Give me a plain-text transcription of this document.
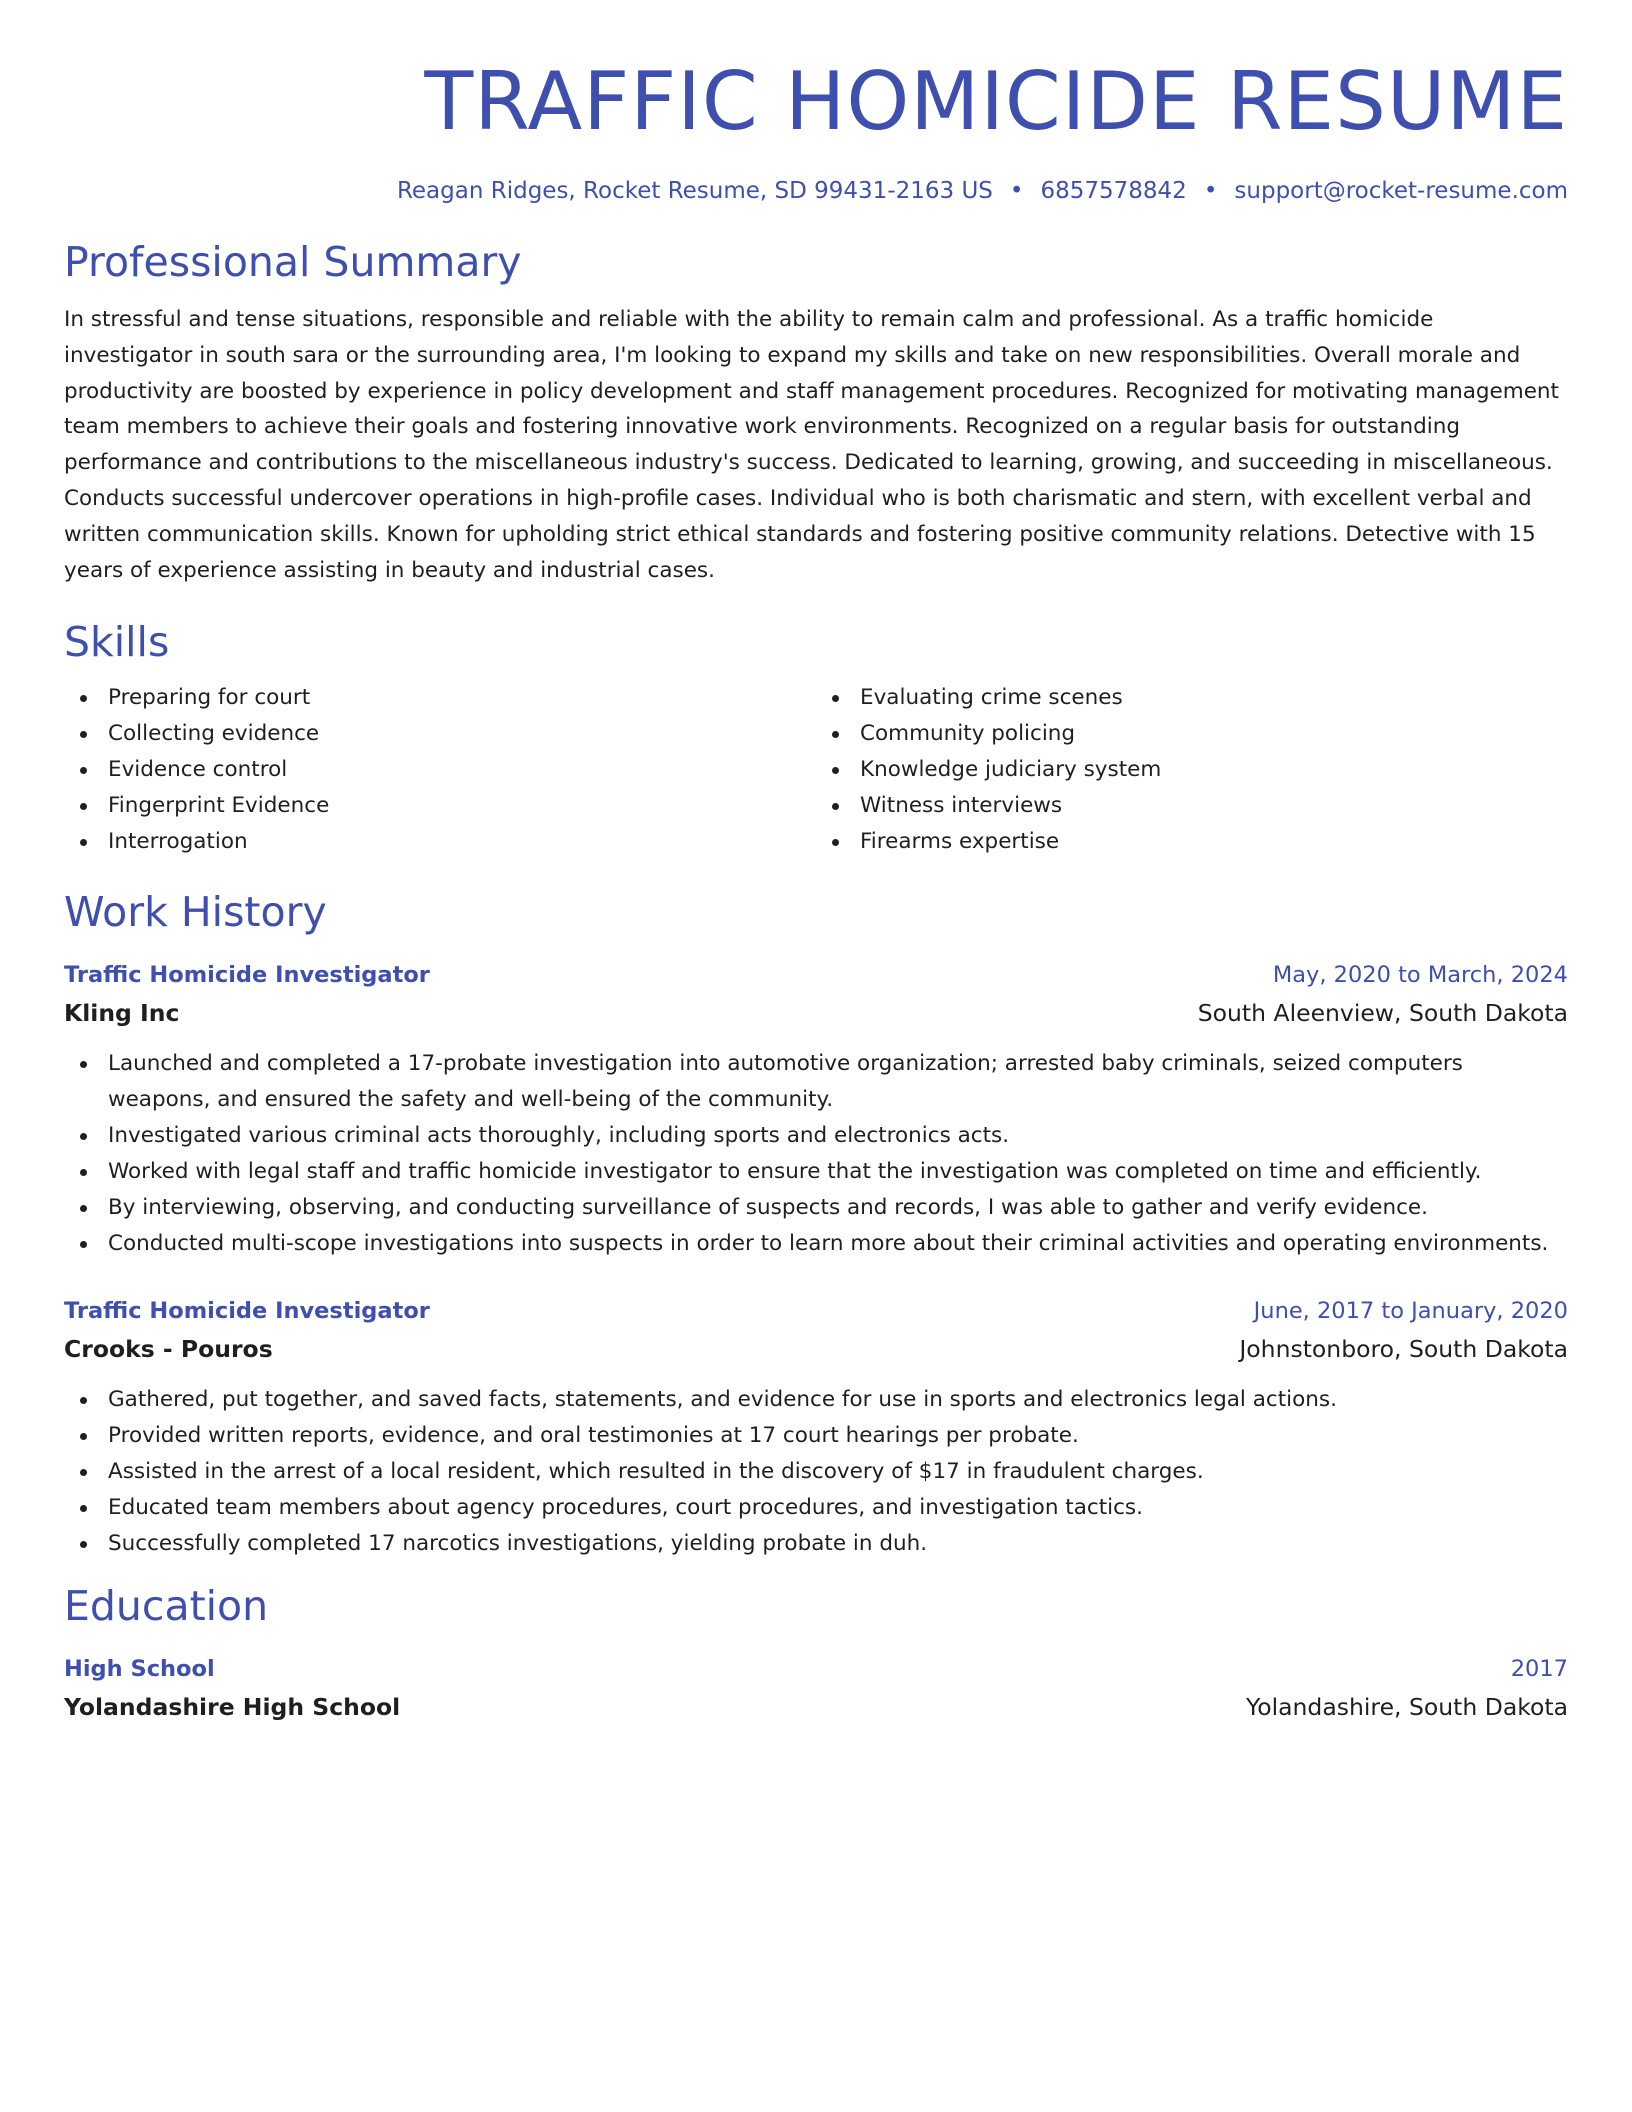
TRAFFIC HOMICIDE RESUME
Reagan Ridges, Rocket Resume, SD 99431-2163 US • 6857578842 • support@rocket-resume.com
Professional Summary

In stressful and tense situations, responsible and reliable with the ability to remain calm and professional. As a traffic homicide investigator in south sara or the surrounding area, I'm looking to expand my skills and take on new responsibilities. Overall morale and productivity are boosted by experience in policy development and staff management procedures. Recognized for motivating management team members to achieve their goals and fostering innovative work environments. Recognized on a regular basis for outstanding performance and contributions to the miscellaneous industry's success. Dedicated to learning, growing, and succeeding in miscellaneous. Conducts successful undercover operations in high-profile cases. Individual who is both charismatic and stern, with excellent verbal and written communication skills. Known for upholding strict ethical standards and fostering positive community relations. Detective with 15 years of experience assisting in beauty and industrial cases.

Skills
Preparing for court
Collecting evidence
Evidence control
Fingerprint Evidence
Interrogation
Evaluating crime scenes
Community policing
Knowledge judiciary system
Witness interviews
Firearms expertise
Work History
Traffic Homicide Investigator	May, 2020 to March, 2024
Kling Inc	South Aleenview, South Dakota
Launched and completed a 17-probate investigation into automotive organization; arrested baby criminals, seized computers weapons, and ensured the safety and well-being of the community.
Investigated various criminal acts thoroughly, including sports and electronics acts.
Worked with legal staff and traffic homicide investigator to ensure that the investigation was completed on time and efficiently.
By interviewing, observing, and conducting surveillance of suspects and records, I was able to gather and verify evidence.
Conducted multi-scope investigations into suspects in order to learn more about their criminal activities and operating environments.
Traffic Homicide Investigator	June, 2017 to January, 2020
Crooks - Pouros	Johnstonboro, South Dakota
Gathered, put together, and saved facts, statements, and evidence for use in sports and electronics legal actions.
Provided written reports, evidence, and oral testimonies at 17 court hearings per probate.
Assisted in the arrest of a local resident, which resulted in the discovery of $17 in fraudulent charges.
Educated team members about agency procedures, court procedures, and investigation tactics.
Successfully completed 17 narcotics investigations, yielding probate in duh.
Education
High School	2017
Yolandashire High School	Yolandashire, South Dakota
